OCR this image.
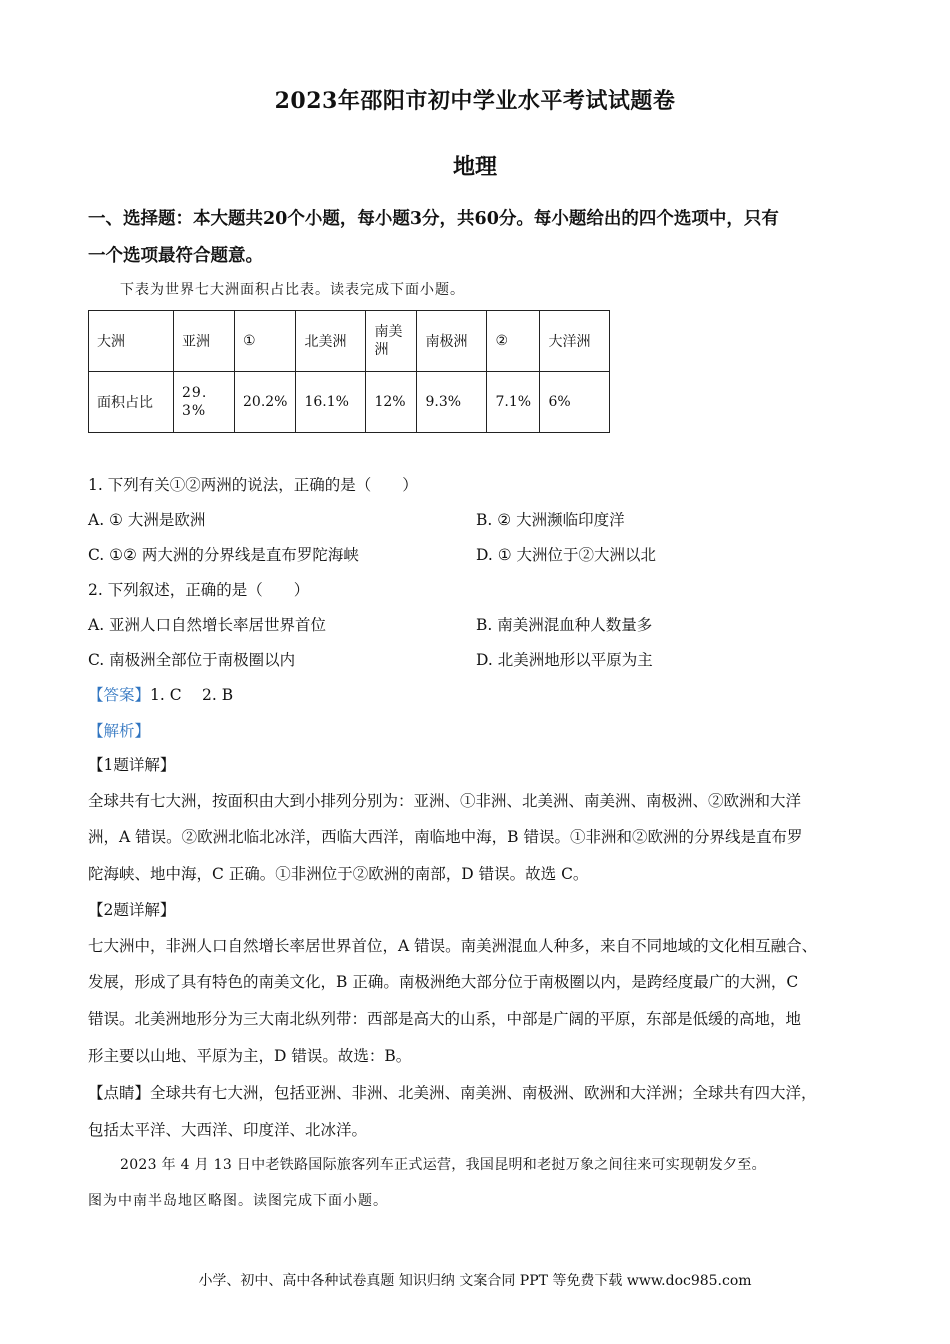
2023年邵阳市初中学业水平考试试题卷
地理
一、选择题：本大题共20个小题，每小题3分，共60分。每小题给出的四个选项中，只有
一个选项最符合题意。
下表为世界七大洲面积占比表。读表完成下面小题。
大洲	亚洲	①	北美洲	南美洲	南极洲	②	大洋洲
面积占比	29.3%	20.2%	16.1%	12%	9.3%	7.1%	6%
1. 下列有关①②两洲的说法，正确的是（　　）
A. ① 大洲是欧洲	B. ② 大洲濒临印度洋
C. ①② 两大洲的分界线是直布罗陀海峡	D. ① 大洲位于②大洲以北
2. 下列叙述，正确的是（　　）
A. 亚洲人口自然增长率居世界首位	B. 南美洲混血种人数量多
C. 南极洲全部位于南极圈以内	D. 北美洲地形以平原为主
【答案】1. C　 2. B
【解析】
【1题详解】
全球共有七大洲，按面积由大到小排列分别为：亚洲、①非洲、北美洲、南美洲、南极洲、②欧洲和大洋
洲，A 错误。②欧洲北临北冰洋，西临大西洋，南临地中海，B 错误。①非洲和②欧洲的分界线是直布罗
陀海峡、地中海，C 正确。①非洲位于②欧洲的南部，D 错误。故选 C。
【2题详解】
七大洲中，非洲人口自然增长率居世界首位，A 错误。南美洲混血人种多，来自不同地域的文化相互融合、
发展，形成了具有特色的南美文化，B 正确。南极洲绝大部分位于南极圈以内，是跨经度最广的大洲，C
错误。北美洲地形分为三大南北纵列带：西部是高大的山系，中部是广阔的平原，东部是低缓的高地，地
形主要以山地、平原为主，D 错误。故选：B。
【点睛】全球共有七大洲，包括亚洲、非洲、北美洲、南美洲、南极洲、欧洲和大洋洲；全球共有四大洋，
包括太平洋、大西洋、印度洋、北冰洋。
2023 年 4 月 13 日中老铁路国际旅客列车正式运营，我国昆明和老挝万象之间往来可实现朝发夕至。
图为中南半岛地区略图。读图完成下面小题。
小学、初中、高中各种试卷真题 知识归纳 文案合同 PPT 等免费下载 www.doc985.com
